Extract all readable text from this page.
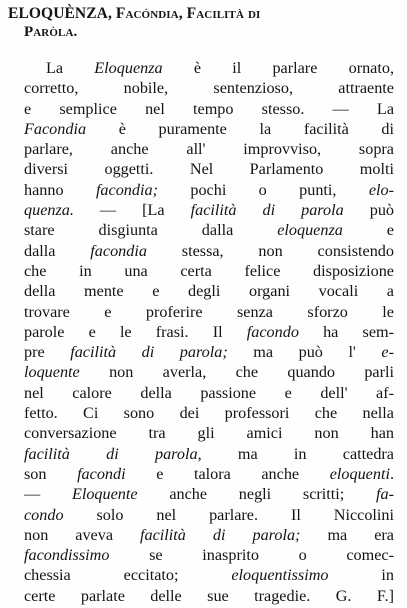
ELOQUÈNZA, Facóndia, Facilità di
Paròla.
La Eloquenza è il parlare ornato,
corretto, nobile, sentenzioso, attraente
e semplice nel tempo stesso. — La
Facondia è puramente la facilità di
parlare, anche all' improvviso, sopra
diversi oggetti. Nel Parlamento molti
hanno facondia; pochi o punti, elo-
quenza. — [La facilità di parola può
stare disgiunta dalla eloquenza e
dalla facondia stessa, non consistendo
che in una certa felice disposizione
della mente e degli organi vocali a
trovare e proferire senza sforzo le
parole e le frasi. Il facondo ha sem-
pre facilità di parola; ma può l' e-
loquente non averla, che quando parli
nel calore della passione e dell' af-
fetto. Ci sono dei professori che nella
conversazione tra gli amici non han
facilità di parola, ma in cattedra
son facondi e talora anche eloquenti.
— Eloquente anche negli scritti; fa-
condo solo nel parlare. Il Niccolini
non aveva facilità di parola; ma era
facondissimo se inasprito o comec-
chessia eccitato; eloquentissimo in
certe parlate delle sue tragedie. G. F.]
